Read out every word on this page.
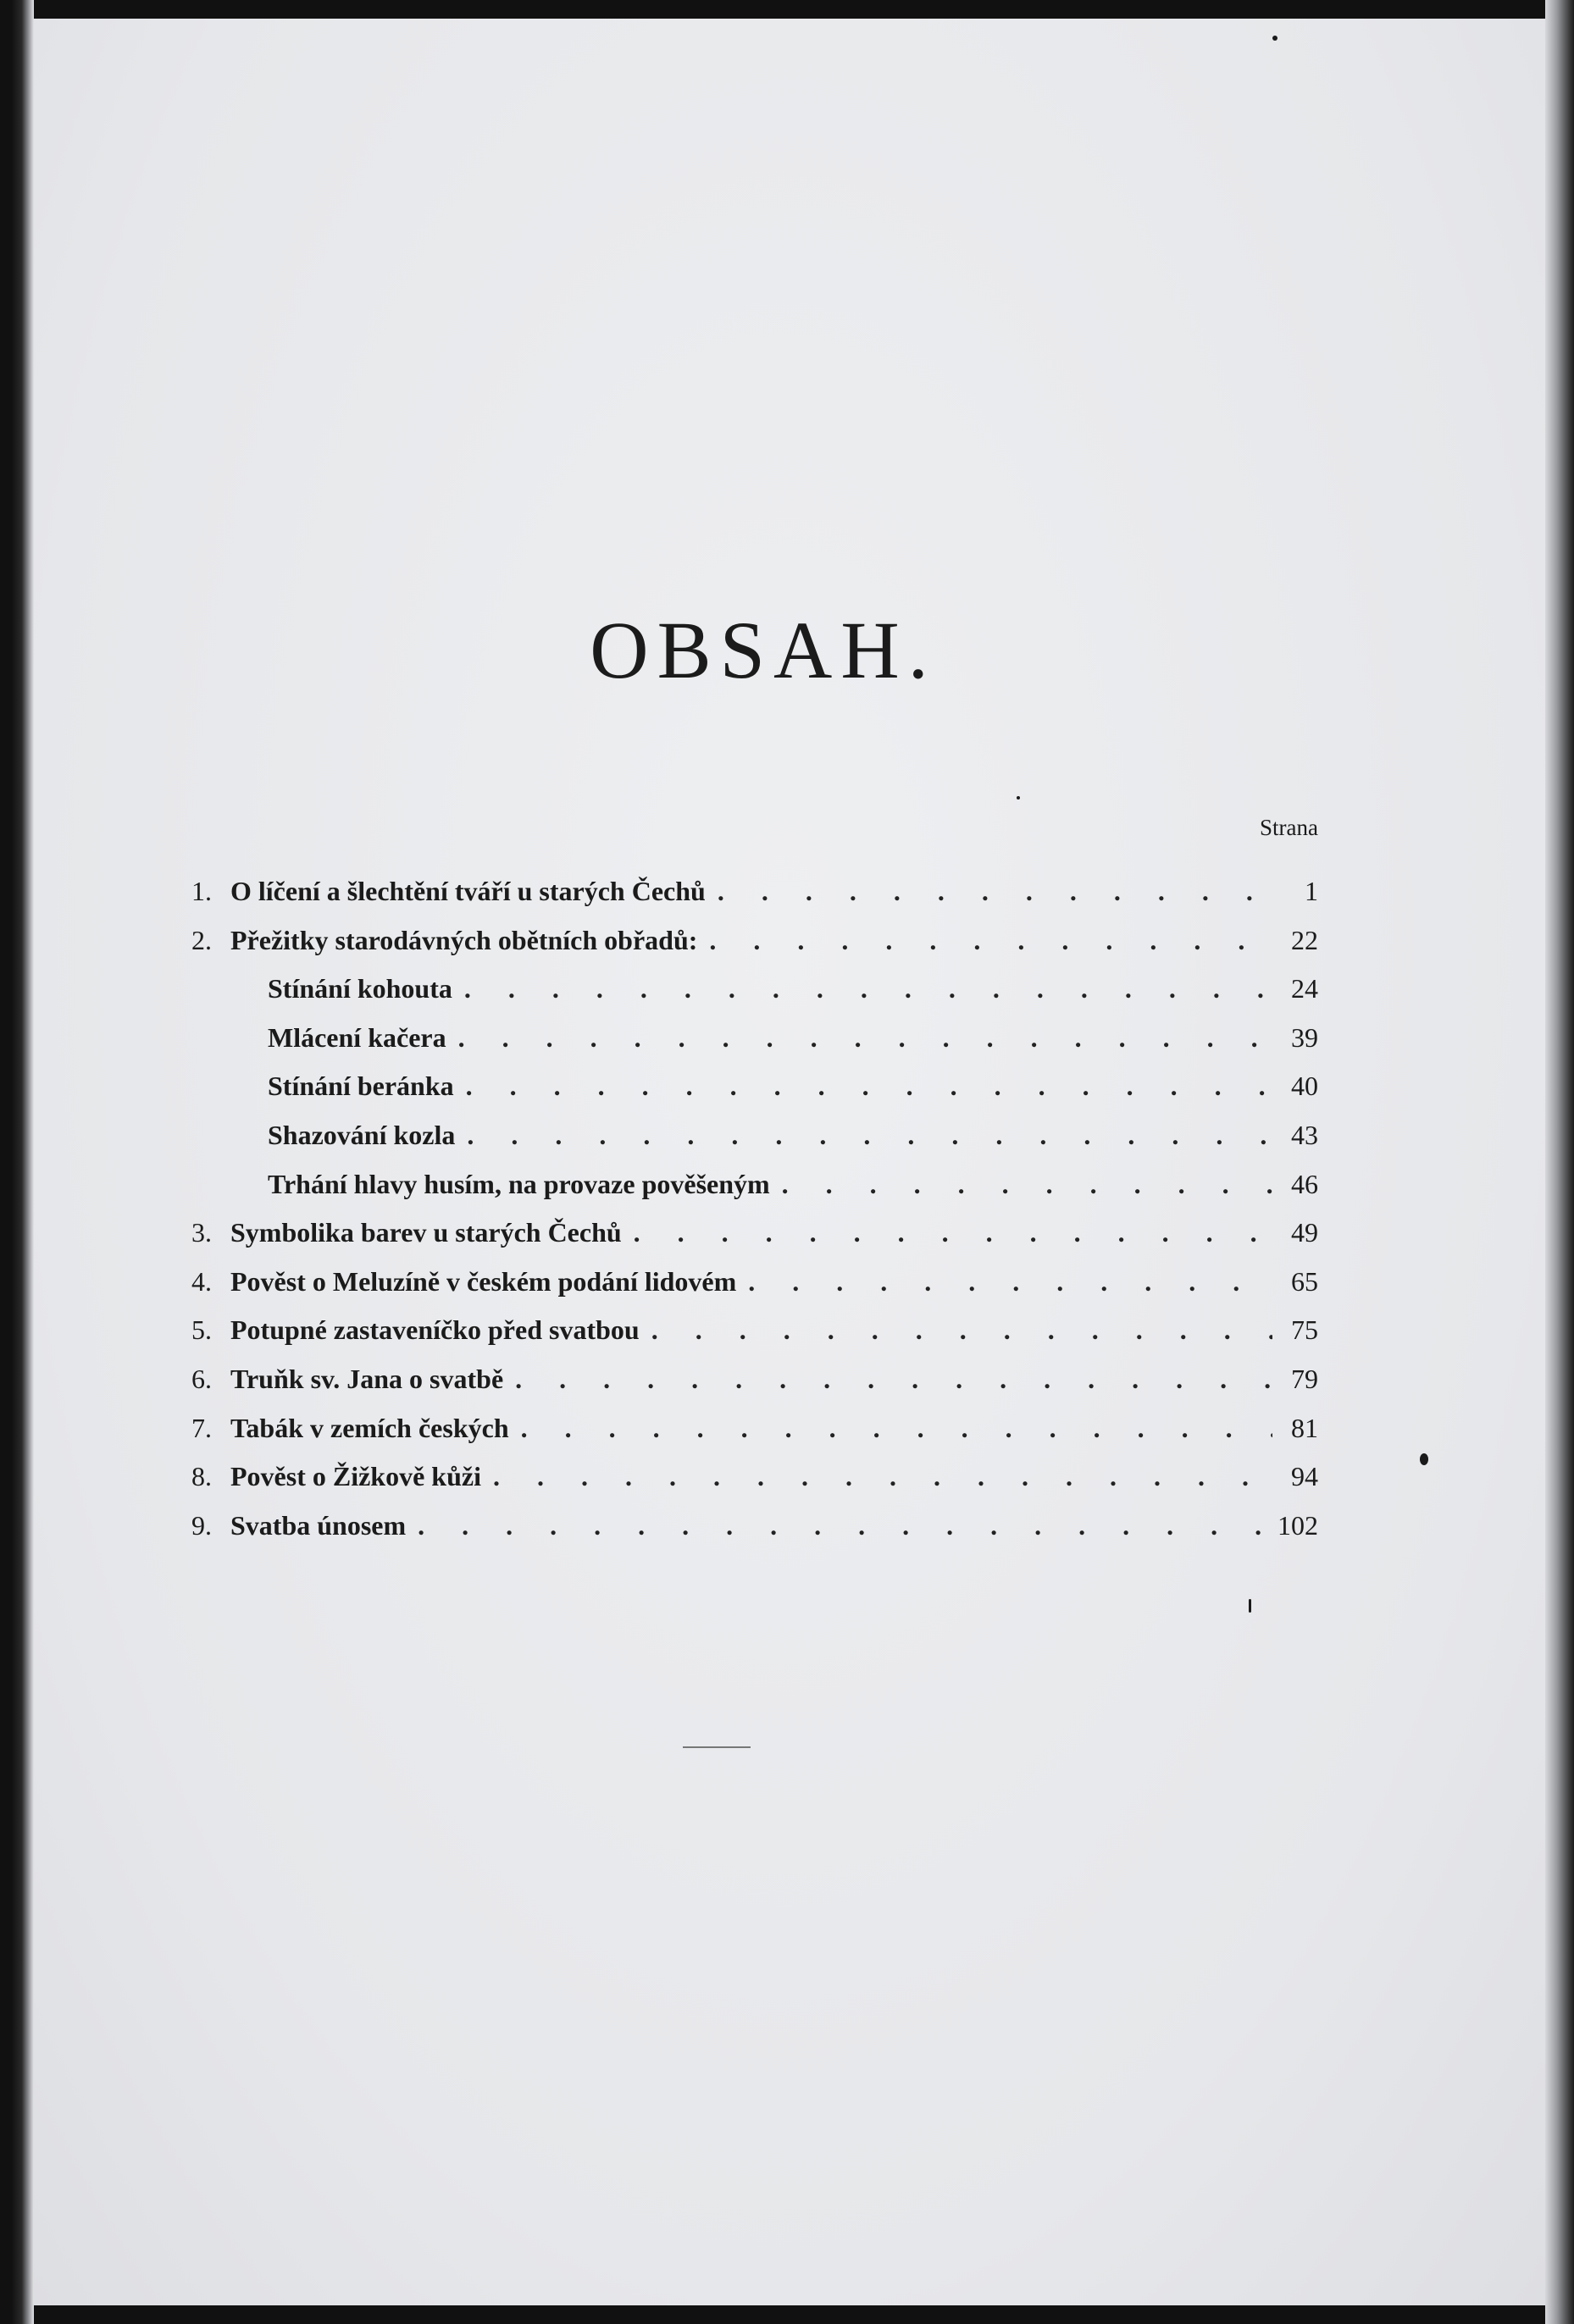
OBSAH.
Strana
1. O líčení a šlechtění tváří u starých Čechů . . .	1
2. Přežitky starodávných obětních obřadů: . . .	22
Stínání kohouta . . .	24
Mlácení kačera . . .	39
Stínání beránka . . .	40
Shazování kozla . . .	43
Trhání hlavy husím, na provaze pověšeným . . .	46
3. Symbolika barev u starých Čechů . . .	49
4. Pověst o Meluzíně v českém podání lidovém . . .	65
5. Potupné zastaveníčko před svatbou . . .	75
6. Truňk sv. Jana o svatbě . . .	79
7. Tabák v zemích českých . . .	81
8. Pověst o Žižkově kůži . . .	94
9. Svatba únosem . . .	102
